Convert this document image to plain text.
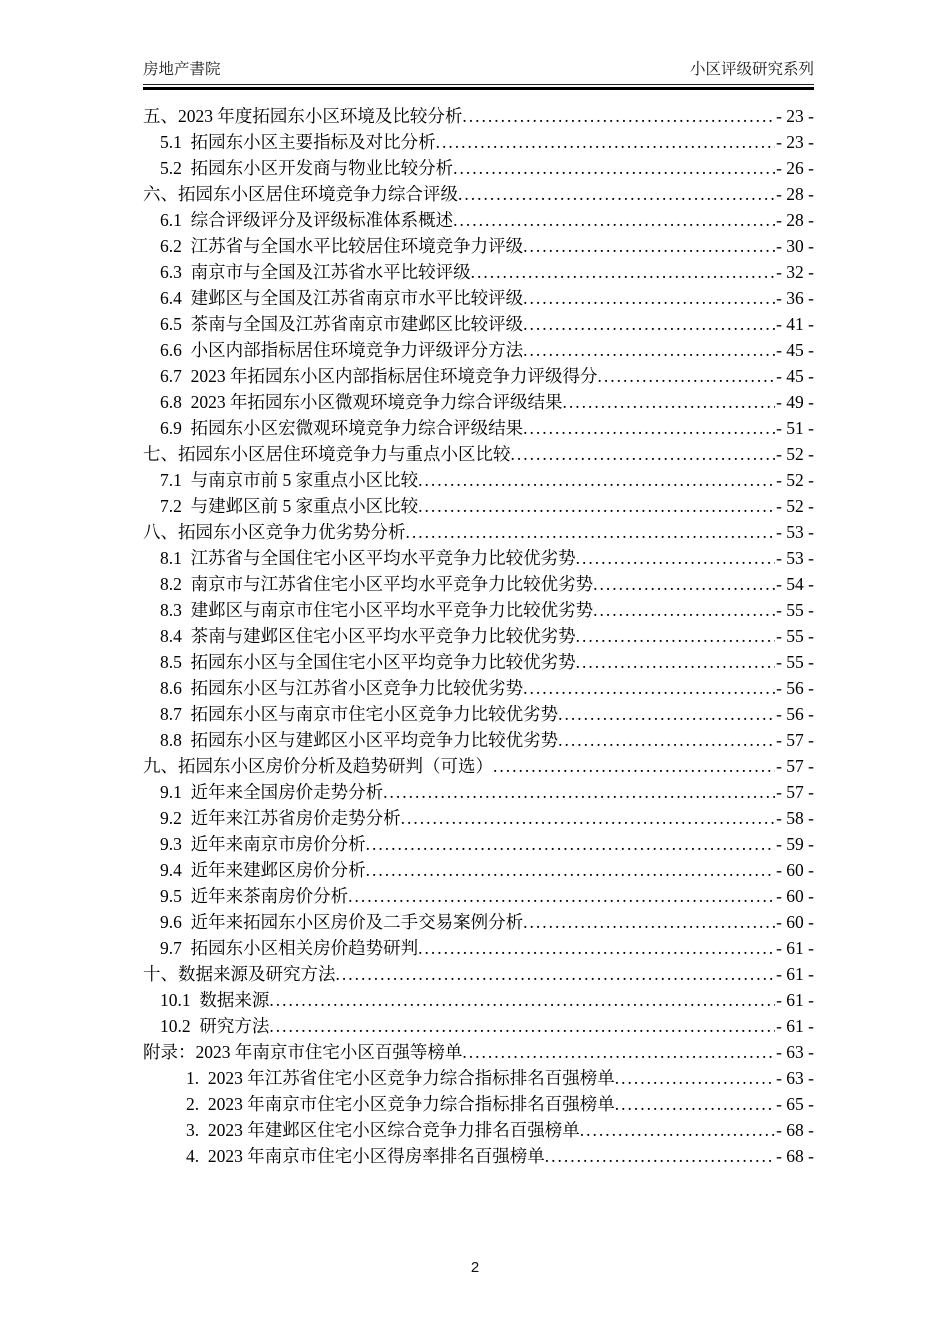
房地产書院	小区评级研究系列
五、2023 年度拓园东小区环境及比较分析 .....	- 23 -
5.1  拓园东小区主要指标及对比分析 .....	- 23 -
5.2  拓园东小区开发商与物业比较分析 .....	- 26 -
六、拓园东小区居住环境竞争力综合评级 .....	- 28 -
6.1  综合评级评分及评级标准体系概述 .....	- 28 -
6.2  江苏省与全国水平比较居住环境竞争力评级 .....	- 30 -
6.3  南京市与全国及江苏省水平比较评级 .....	- 32 -
6.4  建邺区与全国及江苏省南京市水平比较评级 .....	- 36 -
6.5  茶南与全国及江苏省南京市建邺区比较评级 .....	- 41 -
6.6  小区内部指标居住环境竞争力评级评分方法 .....	- 45 -
6.7  2023 年拓园东小区内部指标居住环境竞争力评级得分 .....	- 45 -
6.8  2023 年拓园东小区微观环境竞争力综合评级结果 .....	- 49 -
6.9  拓园东小区宏微观环境竞争力综合评级结果 .....	- 51 -
七、拓园东小区居住环境竞争力与重点小区比较 .....	- 52 -
7.1  与南京市前 5 家重点小区比较 .....	- 52 -
7.2  与建邺区前 5 家重点小区比较 .....	- 52 -
八、拓园东小区竞争力优劣势分析 .....	- 53 -
8.1  江苏省与全国住宅小区平均水平竞争力比较优劣势 .....	- 53 -
8.2  南京市与江苏省住宅小区平均水平竞争力比较优劣势 .....	- 54 -
8.3  建邺区与南京市住宅小区平均水平竞争力比较优劣势 .....	- 55 -
8.4  茶南与建邺区住宅小区平均水平竞争力比较优劣势 .....	- 55 -
8.5  拓园东小区与全国住宅小区平均竞争力比较优劣势 .....	- 55 -
8.6  拓园东小区与江苏省小区竞争力比较优劣势 .....	- 56 -
8.7  拓园东小区与南京市住宅小区竞争力比较优劣势 .....	- 56 -
8.8  拓园东小区与建邺区小区平均竞争力比较优劣势 .....	- 57 -
九、拓园东小区房价分析及趋势研判（可选） .....	- 57 -
9.1  近年来全国房价走势分析 .....	- 57 -
9.2  近年来江苏省房价走势分析 .....	- 58 -
9.3  近年来南京市房价分析 .....	- 59 -
9.4  近年来建邺区房价分析 .....	- 60 -
9.5  近年来茶南房价分析 .....	- 60 -
9.6  近年来拓园东小区房价及二手交易案例分析 .....	- 60 -
9.7  拓园东小区相关房价趋势研判 .....	- 61 -
十、数据来源及研究方法 .....	- 61 -
10.1  数据来源 .....	- 61 -
10.2  研究方法 .....	- 61 -
附录：2023 年南京市住宅小区百强等榜单 .....	- 63 -
1.  2023 年江苏省住宅小区竞争力综合指标排名百强榜单 .....	- 63 -
2.  2023 年南京市住宅小区竞争力综合指标排名百强榜单 .....	- 65 -
3.  2023 年建邺区住宅小区综合竞争力排名百强榜单 .....	- 68 -
4.  2023 年南京市住宅小区得房率排名百强榜单 .....	- 68 -
2
